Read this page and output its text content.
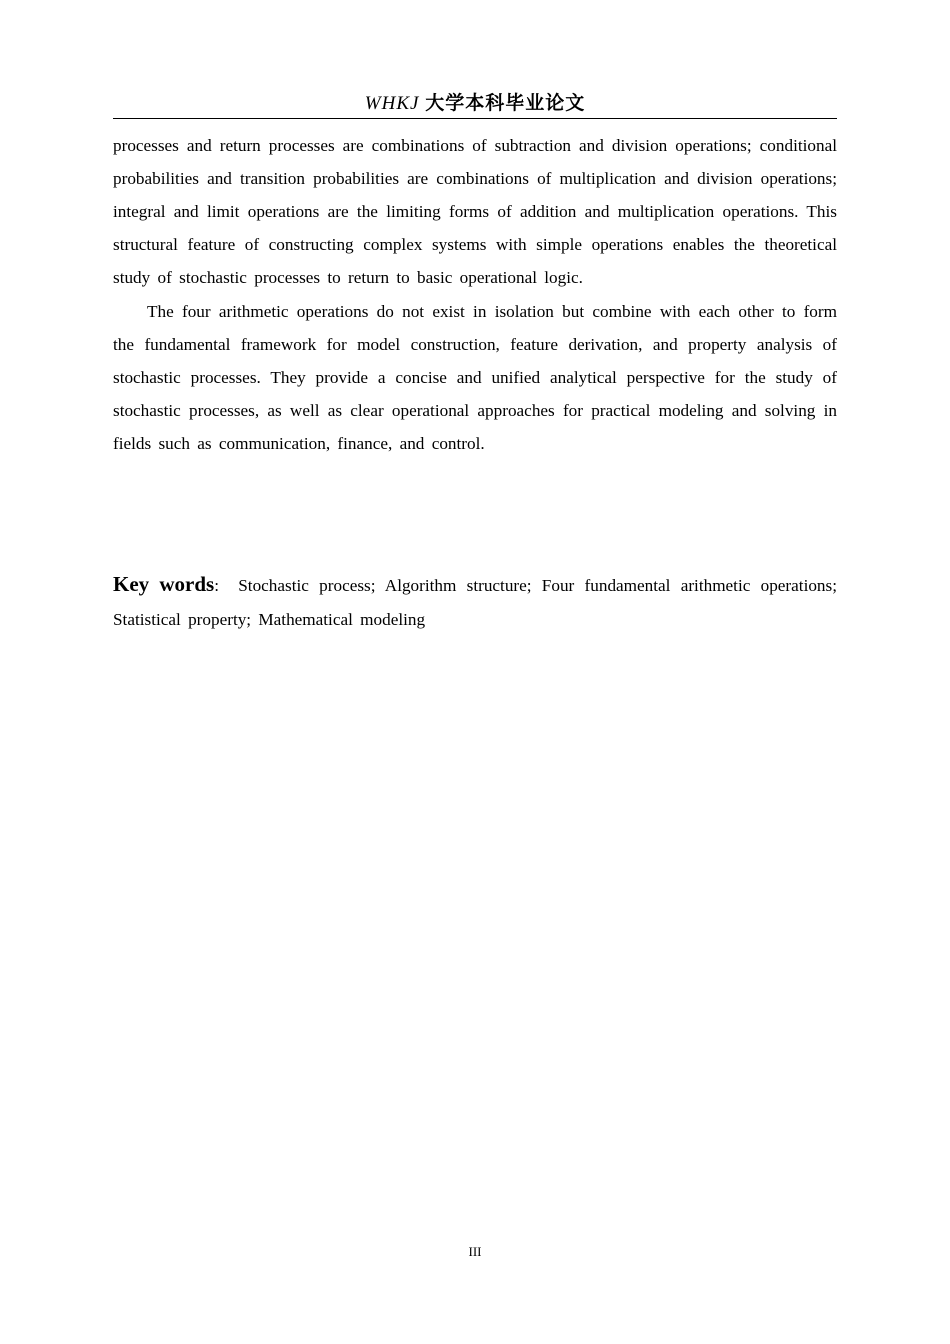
WHKJ 大学本科毕业论文

processes and return processes are combinations of subtraction and division operations; conditional probabilities and transition probabilities are combinations of multiplication and division operations; integral and limit operations are the limiting forms of addition and multiplication operations. This structural feature of constructing complex systems with simple operations enables the theoretical study of stochastic processes to return to basic operational logic.

The four arithmetic operations do not exist in isolation but combine with each other to form the fundamental framework for model construction, feature derivation, and property analysis of stochastic processes. They provide a concise and unified analytical perspective for the study of stochastic processes, as well as clear operational approaches for practical modeling and solving in fields such as communication, finance, and control.

Key words: Stochastic process; Algorithm structure; Four fundamental arithmetic operations; Statistical property; Mathematical modeling
III
